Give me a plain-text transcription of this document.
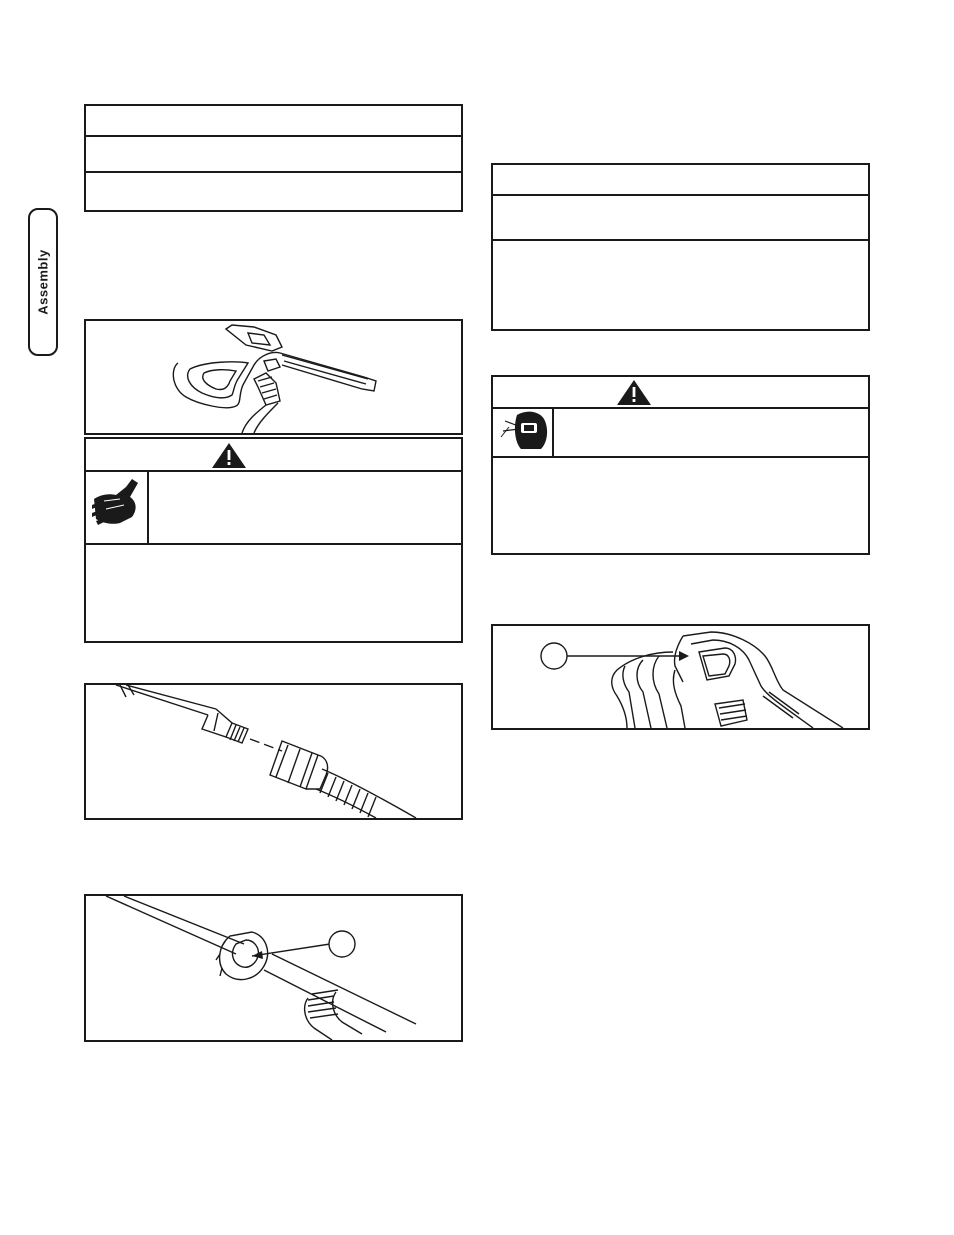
Assembly
